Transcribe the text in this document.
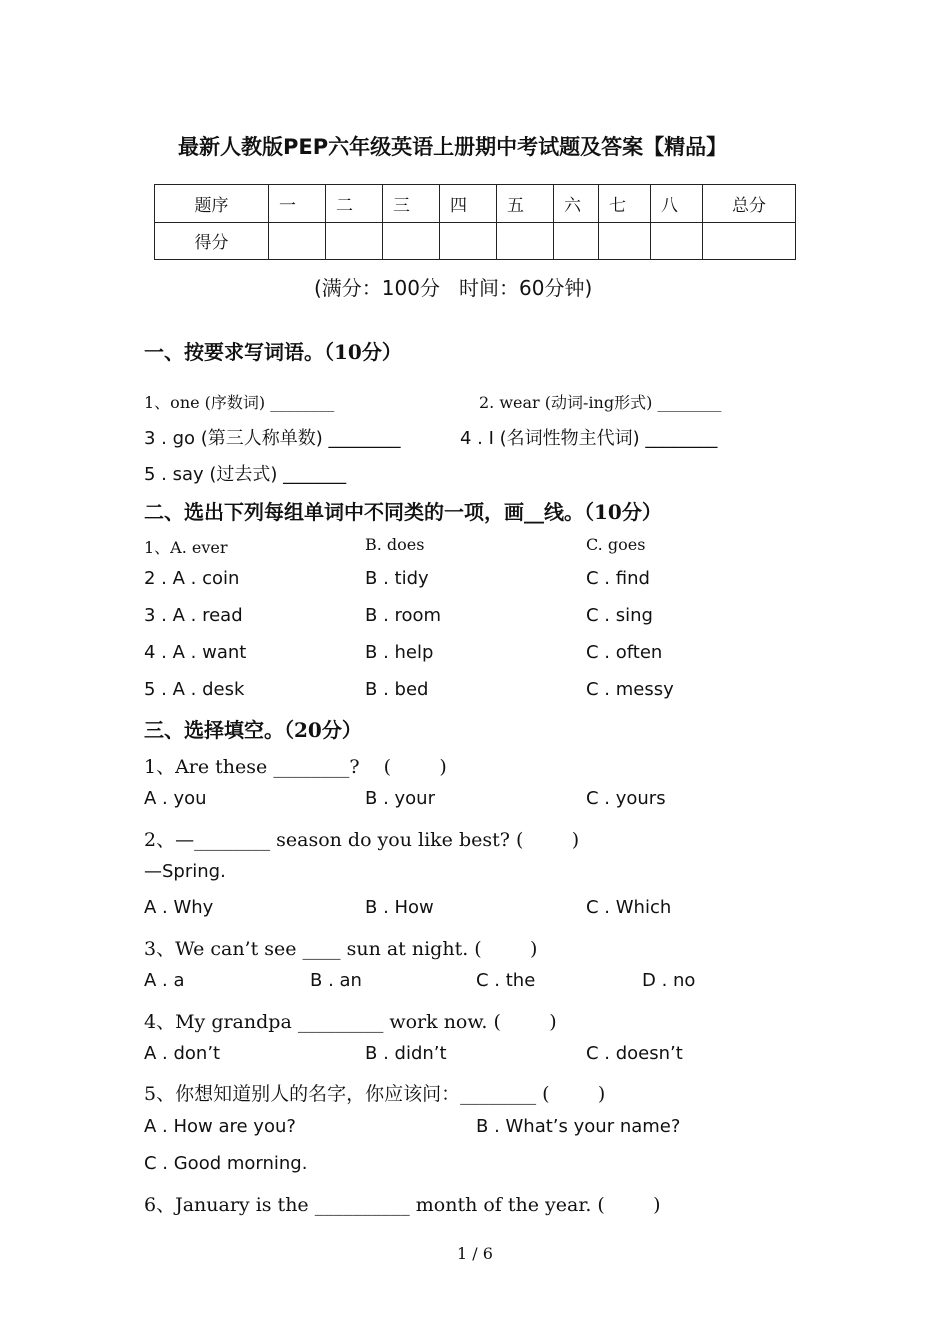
最新人教版PEP六年级英语上册期中考试题及答案【精品】
题序	一	二	三	四	五	六	七	八	总分
得分									
(满分：100分   时间：60分钟)
一、按要求写词语。（10分）
1、one (序数词) ________	2. wear (动词-ing形式) ________
3 . go (第三人称单数) ________	4 . I (名词性物主代词) ________
5 . say (过去式) _______
二、选出下列每组单词中不同类的一项，画__线。（10分）
1、A. ever	B. does	C. goes
2 . A . coin	B . tidy	C . find
3 . A . read	B . room	C . sing
4 . A . want	B . help	C . often
5 . A . desk	B . bed	C . messy
三、选择填空。（20分）
1、Are these ________?    (        )
A . you	B . your	C . yours
2、—________ season do you like best? (        )
—Spring.
A . Why	B . How	C . Which
3、We can’t see ____ sun at night. (        )
A . a	B . an	C . the	D . no
4、My grandpa _________ work now. (        )
A . don’t	B . didn’t	C . doesn’t
5、你想知道别人的名字，你应该问：________ (        )
A . How are you?	B . What’s your name?
C . Good morning.
6、January is the __________ month of the year. (        )
1 / 6
